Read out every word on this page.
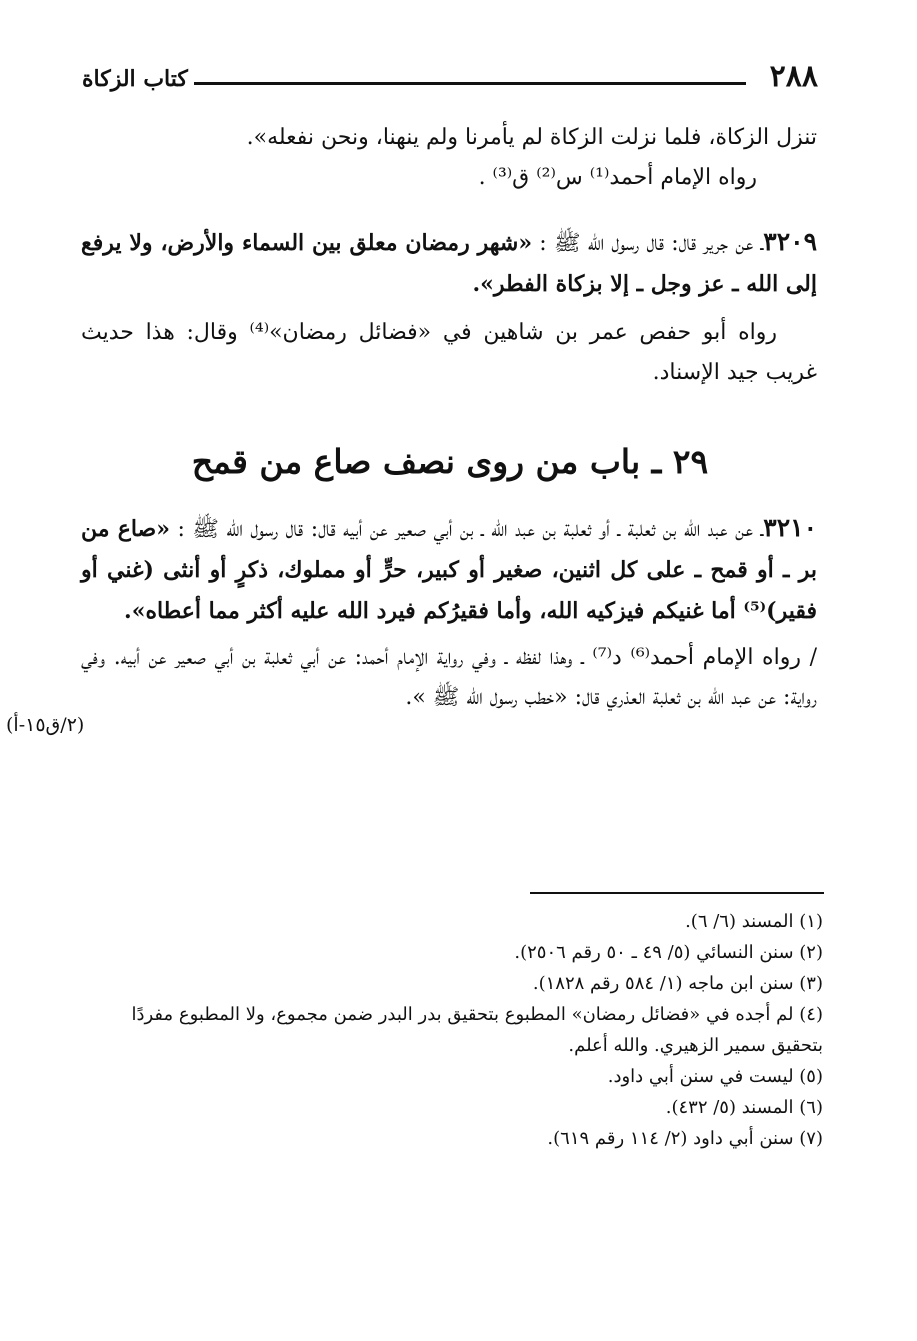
٢٨٨
كتاب الزكاة

تنزل الزكاة، فلما نزلت الزكاة لم يأمرنا ولم ينهنا، ونحن نفعله».

رواه الإمام أحمد⁽¹⁾ س⁽²⁾ ق⁽³⁾ .

٣٢٠٩ـ عن جرير قال: قال رسول الله ﷺ : «شهر رمضان معلق بين السماء والأرض، ولا يرفع إلى الله ـ عز وجل ـ إلا بزكاة الفطر».

رواه أبو حفص عمر بن شاهين في «فضائل رمضان»⁽⁴⁾ وقال: هذا حديث غريب جيد الإسناد.

٢٩ ـ باب من روى نصف صاع من قمح

٣٢١٠ـ عن عبد الله بن ثعلبة ـ أو ثعلبة بن عبد الله ـ بن أبي صعير عن أبيه قال: قال رسول الله ﷺ : «صاع من بر ـ أو قمح ـ على كل اثنين، صغير أو كبير، حرٍّ أو مملوك، ذكرٍ أو أنثى (غني أو فقير)⁽⁵⁾ أما غنيكم فيزكيه الله، وأما فقيرُكم فيرد الله عليه أكثر مما أعطاه».

/ رواه الإمام أحمد⁽⁶⁾ د⁽⁷⁾ ـ وهذا لفظه ـ وفي رواية الإمام أحمد: عن أبي ثعلبة بن أبي صعير عن أبيه. وفي رواية: عن عبد الله بن ثعلبة العذري قال: «خطب رسول الله ﷺ ».

(٢/ق١٥-أ)

(١) المسند (٦/ ٦).

(٢) سنن النسائي (٥/ ٤٩ ـ ٥٠ رقم ٢٥٠٦).

(٣) سنن ابن ماجه (١/ ٥٨٤ رقم ١٨٢٨).

(٤) لم أجده في «فضائل رمضان» المطبوع بتحقيق بدر البدر ضمن مجموع، ولا المطبوع مفردًا بتحقيق سمير الزهيري. والله أعلم.

(٥) ليست في سنن أبي داود.

(٦) المسند (٥/ ٤٣٢).

(٧) سنن أبي داود (٢/ ١١٤ رقم ٦١٩).
